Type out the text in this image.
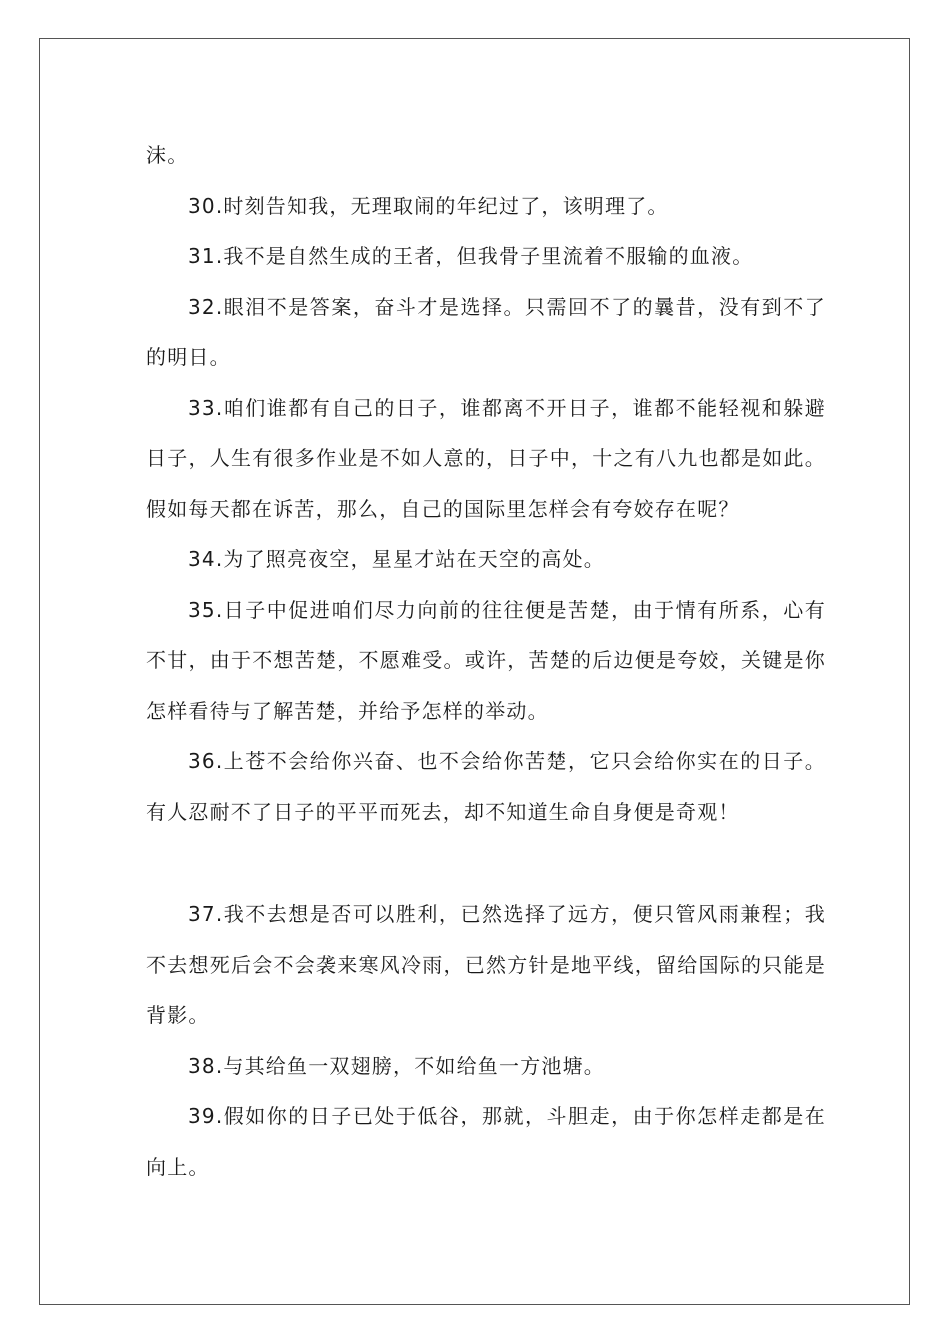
沫。

30.时刻告知我，无理取闹的年纪过了，该明理了。

31.我不是自然生成的王者，但我骨子里流着不服输的血液。

32.眼泪不是答案，奋斗才是选择。只需回不了的曩昔，没有到不了的明日。

33.咱们谁都有自己的日子，谁都离不开日子，谁都不能轻视和躲避日子，人生有很多作业是不如人意的，日子中，十之有八九也都是如此。假如每天都在诉苦，那么，自己的国际里怎样会有夸姣存在呢？

34.为了照亮夜空，星星才站在天空的高处。

35.日子中促进咱们尽力向前的往往便是苦楚，由于情有所系，心有不甘，由于不想苦楚，不愿难受。或许，苦楚的后边便是夸姣，关键是你怎样看待与了解苦楚，并给予怎样的举动。

36.上苍不会给你兴奋、也不会给你苦楚，它只会给你实在的日子。有人忍耐不了日子的平平而死去，却不知道生命自身便是奇观！

37.我不去想是否可以胜利，已然选择了远方，便只管风雨兼程；我不去想死后会不会袭来寒风冷雨，已然方针是地平线，留给国际的只能是背影。

38.与其给鱼一双翅膀，不如给鱼一方池塘。

39.假如你的日子已处于低谷，那就，斗胆走，由于你怎样走都是在向上。
